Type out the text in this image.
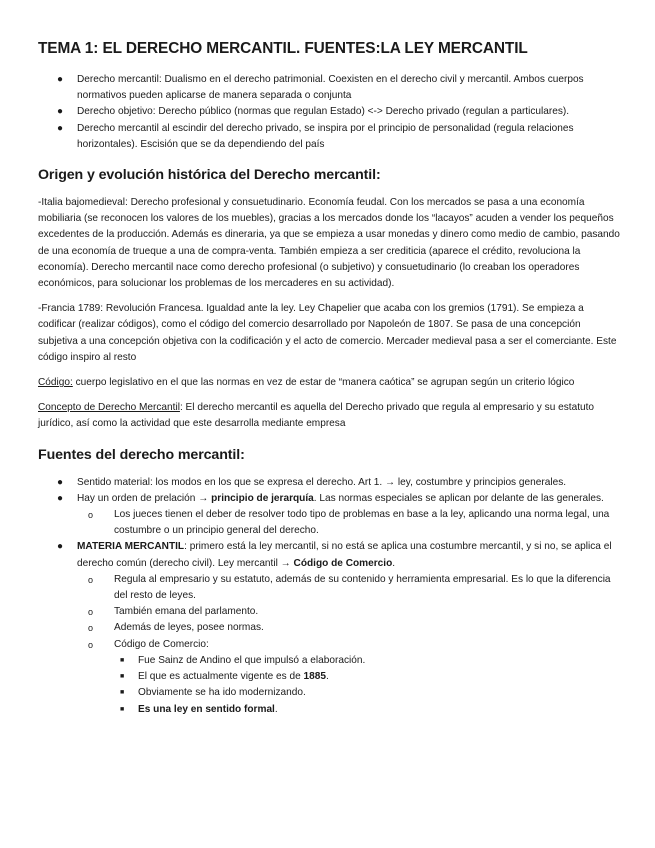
TEMA 1: EL DERECHO MERCANTIL. FUENTES:LA LEY MERCANTIL
● Derecho mercantil: Dualismo en el derecho patrimonial. Coexisten en el derecho civil y mercantil. Ambos cuerpos normativos pueden aplicarse de manera separada o conjunta
● Derecho objetivo: Derecho público (normas que regulan Estado) <-> Derecho privado (regulan a particulares).
● Derecho mercantil al escindir del derecho privado, se inspira por el principio de personalidad (regula relaciones horizontales). Escisión que se da dependiendo del país
Origen y evolución histórica del Derecho mercantil:

-Italia bajomedieval: Derecho profesional y consuetudinario. Economía feudal. Con los mercados se pasa a una economía mobiliaria (se reconocen los valores de los muebles), gracias a los mercados donde los “lacayos” acuden a vender los pequeños excedentes de la producción. Además es dineraria, ya que se empieza a usar monedas y dinero como medio de cambio, pasando de una economía de trueque a una de compra-venta. También empieza a ser crediticia (aparece el crédito, revoluciona la economía). Derecho mercantil nace como derecho profesional (o subjetivo) y consuetudinario (lo creaban los operadores económicos, para solucionar los problemas de los mercaderes en su actividad).

-Francia 1789: Revolución Francesa. Igualdad ante la ley. Ley Chapelier que acaba con los gremios (1791). Se empieza a codificar (realizar códigos), como el código del comercio desarrollado por Napoleón de 1807. Se pasa de una concepción subjetiva a una concepción objetiva con la codificación y el acto de comercio. Mercader medieval pasa a ser el comerciante. Este código inspiro al resto

Código: cuerpo legislativo en el que las normas en vez de estar de “manera caótica” se agrupan según un criterio lógico

Concepto de Derecho Mercantil: El derecho mercantil es aquella del Derecho privado que regula al empresario y su estatuto jurídico, así como la actividad que este desarrolla mediante empresa

Fuentes del derecho mercantil:
● Sentido material: los modos en los que se expresa el derecho. Art 1. → ley, costumbre y principios generales.
● Hay un orden de prelación → principio de jerarquía. Las normas especiales se aplican por delante de las generales.
o Los jueces tienen el deber de resolver todo tipo de problemas en base a la ley, aplicando una norma legal, una costumbre o un principio general del derecho.
● MATERIA MERCANTIL: primero está la ley mercantil, si no está se aplica una costumbre mercantil, y si no, se aplica el derecho común (derecho civil). Ley mercantil → Código de Comercio.
o Regula al empresario y su estatuto, además de su contenido y herramienta empresarial. Es lo que la diferencia del resto de leyes.
o También emana del parlamento.
o Además de leyes, posee normas.
o Código de Comercio:
■ Fue Sainz de Andino el que impulsó a elaboración.
■ El que es actualmente vigente es de 1885.
■ Obviamente se ha ido modernizando.
■ Es una ley en sentido formal.
